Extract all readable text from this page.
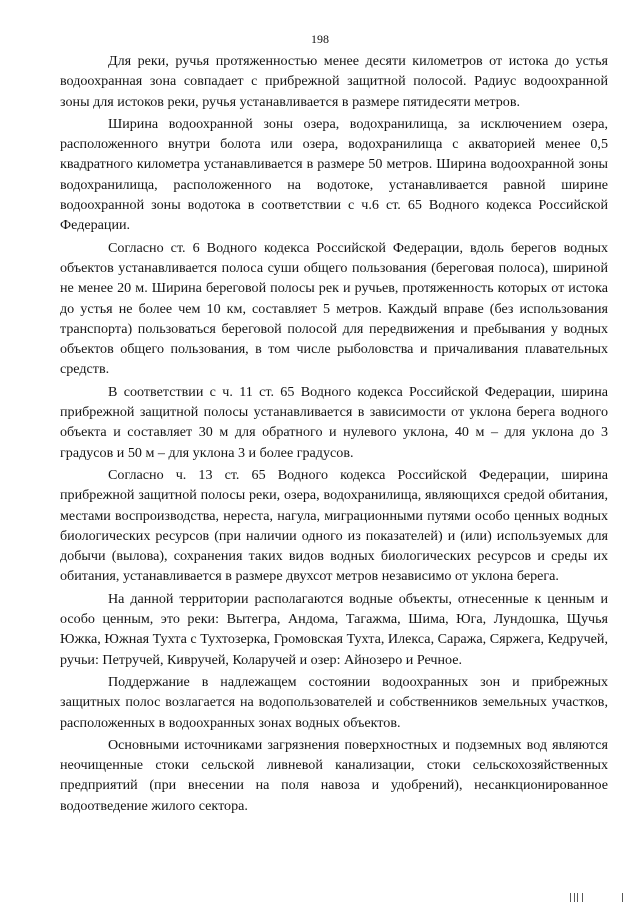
198

Для реки, ручья протяженностью менее десяти километров от истока до устья водоохранная зона совпадает с прибрежной защитной полосой. Радиус водоохранной зоны для истоков реки, ручья устанавливается в размере пятидесяти метров.

Ширина водоохранной зоны озера, водохранилища, за исключением озера, расположенного внутри болота или озера, водохранилища с акваторией менее 0,5 квадратного километра устанавливается в размере 50 метров. Ширина водоохранной зоны водохранилища, расположенного на водотоке, устанавливается равной ширине водоохранной зоны водотока в соответствии с ч.6 ст. 65 Водного кодекса Российской Федерации.

Согласно ст. 6 Водного кодекса Российской Федерации, вдоль берегов водных объектов устанавливается полоса суши общего пользования (береговая полоса), шириной не менее 20 м. Ширина береговой полосы рек и ручьев, протяженность которых от истока до устья не более чем 10 км, составляет 5 метров. Каждый вправе (без использования транспорта) пользоваться береговой полосой для передвижения и пребывания у водных объектов общего пользования, в том числе рыболовства и причаливания плавательных средств.

В соответствии с ч. 11 ст. 65 Водного кодекса Российской Федерации, ширина прибрежной защитной полосы устанавливается в зависимости от уклона берега водного объекта и составляет 30 м для обратного и нулевого уклона, 40 м – для уклона до 3 градусов и 50 м – для уклона 3 и более градусов.

Согласно ч. 13 ст. 65 Водного кодекса Российской Федерации, ширина прибрежной защитной полосы реки, озера, водохранилища, являющихся средой обитания, местами воспроизводства, нереста, нагула, миграционными путями особо ценных водных биологических ресурсов (при наличии одного из показателей) и (или) используемых для добычи (вылова), сохранения таких видов водных биологических ресурсов и среды их обитания, устанавливается в размере двухсот метров независимо от уклона берега.

На данной территории располагаются водные объекты, отнесенные к ценным и особо ценным, это реки: Вытегра, Андома, Тагажма, Шима, Юга, Лундошка, Щучья Южка, Южная Тухта с Тухтозерка, Громовская Тухта, Илекса, Саража, Сяржега, Кедручей, ручьи: Петручей, Кивручей, Коларучей и озер: Айнозеро и Речное.

Поддержание в надлежащем состоянии водоохранных зон и прибрежных защитных полос возлагается на водопользователей и собственников земельных участков, расположенных в водоохранных зонах водных объектов.

Основными источниками загрязнения поверхностных и подземных вод являются неочищенные стоки сельской ливневой канализации, стоки сельскохозяйственных предприятий (при внесении на поля навоза и удобрений), несанкционированное водоотведение жилого сектора.
